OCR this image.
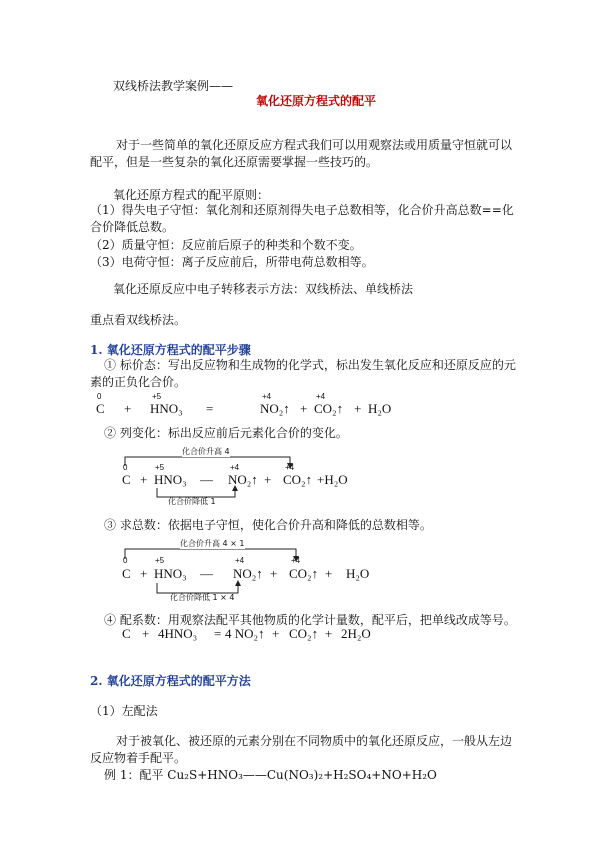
双线桥法教学案例——
氧化还原方程式的配平
对于一些简单的氧化还原反应方程式我们可以用观察法或用质量守恒就可以配平，但是一些复杂的氧化还原需要掌握一些技巧的。
氧化还原方程式的配平原则：
（1）得失电子守恒：氧化剂和还原剂得失电子总数相等，化合价升高总数==化合价降低总数。
（2）质量守恒：反应前后原子的种类和个数不变。
（3）电荷守恒：离子反应前后，所带电荷总数相等。
氧化还原反应中电子转移表示方法：双线桥法、单线桥法
重点看双线桥法。
1. 氧化还原方程式的配平步骤
① 标价态：写出反应物和生成物的化学式，标出发生氧化反应和还原反应的元素的正负化合价。
0	+5	+4	+4
C + HNO₃ =	NO₂↑ + CO₂↑ + H₂O
② 列变化：标出反应前后元素化合价的变化。
化合价升高 4
化合价降低 1
0	+5	+4	+4
C + HNO₃ — NO₂↑ + CO₂↑ +H₂O
③ 求总数：依据电子守恒，使化合价升高和降低的总数相等。
化合价升高 4 × 1
化合价降低 1 × 4
0	+5	+4	+4
C + HNO₃ — NO₂↑ + CO₂↑ + H₂O
④ 配系数：用观察法配平其他物质的化学计量数，配平后，把单线改成等号。
C + 4HNO₃ = 4 NO₂↑ + CO₂↑ + 2H₂O
2. 氧化还原方程式的配平方法
（1）左配法
对于被氧化、被还原的元素分别在不同物质中的氧化还原反应，一般从左边反应物着手配平。
例 1：配平 Cu₂S+HNO₃——Cu(NO₃)₂+H₂SO₄+NO+H₂O
